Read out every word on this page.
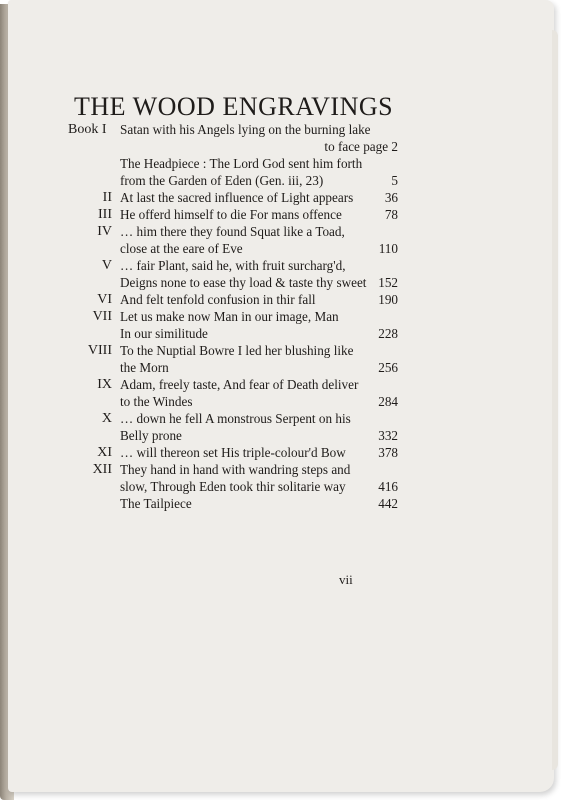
THE WOOD ENGRAVINGS
Book I	Satan with his Angels lying on the burning lake
to face page 2
The Headpiece : The Lord God sent him forth
from the Garden of Eden (Gen. iii, 23)	5
II At last the sacred influence of Light appears 36
III He offerd himself to die For mans offence	78
IV … him there they found Squat like a Toad,
close at the eare of Eve	110
V … fair Plant, said he, with fruit surcharg'd,
Deigns none to ease thy load & taste thy sweet 152
VI And felt tenfold confusion in thir fall	190
VII Let us make now Man in our image, Man
In our similitude	228
VIII To the Nuptial Bowre I led her blushing like
the Morn	256
IX Adam, freely taste, And fear of Death deliver
to the Windes	284
X … down he fell A monstrous Serpent on his
Belly prone	332
XI … will thereon set His triple-colour'd Bow 378
XII They hand in hand with wandring steps and
slow, Through Eden took thir solitarie way 416
The Tailpiece	442
vii
